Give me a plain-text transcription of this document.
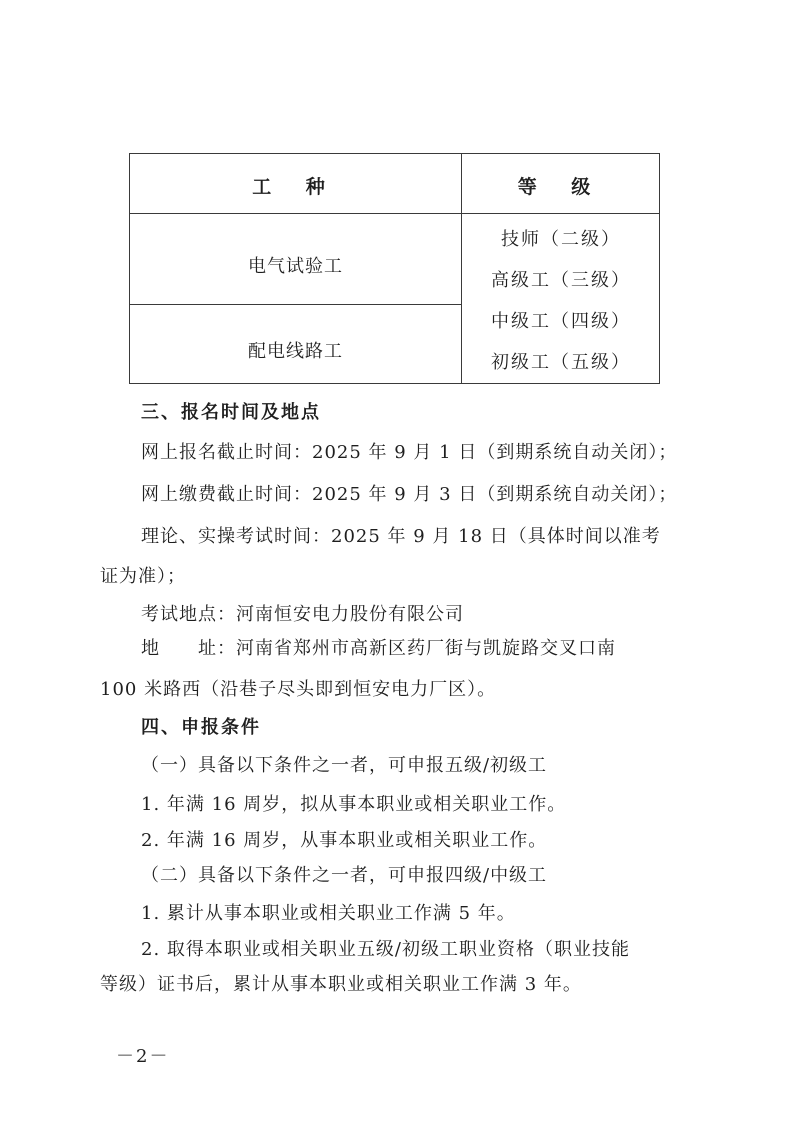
工 种	等 级
电气试验工
配电线路工
技师（二级）
高级工（三级）
中级工（四级）
初级工（五级）
三、报名时间及地点
网上报名截止时间：2025 年 9 月 1 日（到期系统自动关闭）；
网上缴费截止时间：2025 年 9 月 3 日（到期系统自动关闭）；
理论、实操考试时间：2025 年 9 月 18 日（具体时间以准考
证为准）；
考试地点：河南恒安电力股份有限公司
地　　址：河南省郑州市高新区药厂街与凯旋路交叉口南
100 米路西（沿巷子尽头即到恒安电力厂区）。
四、申报条件
（一）具备以下条件之一者，可申报五级/初级工
1. 年满 16 周岁，拟从事本职业或相关职业工作。
2. 年满 16 周岁，从事本职业或相关职业工作。
（二）具备以下条件之一者，可申报四级/中级工
1. 累计从事本职业或相关职业工作满 5 年。
2. 取得本职业或相关职业五级/初级工职业资格（职业技能
等级）证书后，累计从事本职业或相关职业工作满 3 年。
－2－
